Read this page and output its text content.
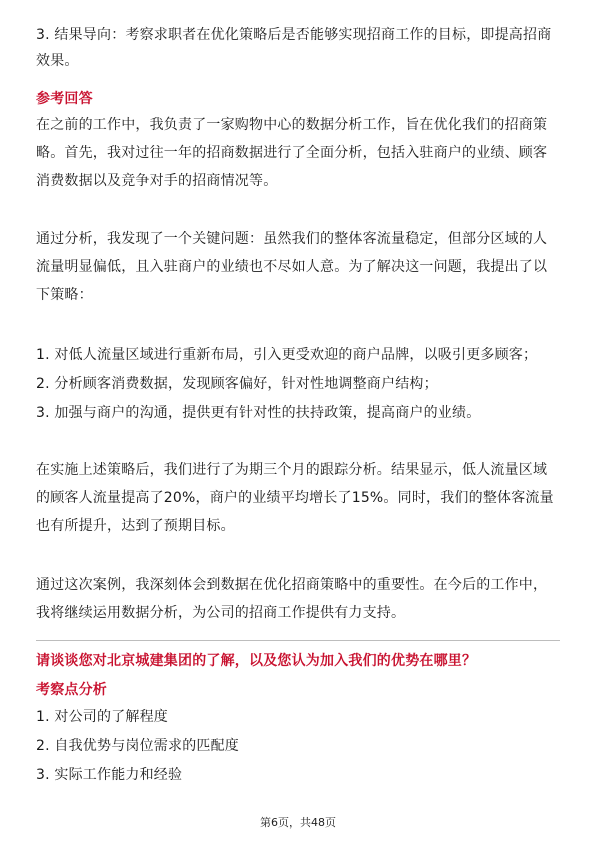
3. 结果导向：考察求职者在优化策略后是否能够实现招商工作的目标，即提高招商
效果。
参考回答
在之前的工作中，我负责了一家购物中心的数据分析工作，旨在优化我们的招商策
略。首先，我对过往一年的招商数据进行了全面分析，包括入驻商户的业绩、顾客
消费数据以及竞争对手的招商情况等。
通过分析，我发现了一个关键问题：虽然我们的整体客流量稳定，但部分区域的人
流量明显偏低，且入驻商户的业绩也不尽如人意。为了解决这一问题，我提出了以
下策略：
1. 对低人流量区域进行重新布局，引入更受欢迎的商户品牌，以吸引更多顾客；
2. 分析顾客消费数据，发现顾客偏好，针对性地调整商户结构；
3. 加强与商户的沟通，提供更有针对性的扶持政策，提高商户的业绩。
在实施上述策略后，我们进行了为期三个月的跟踪分析。结果显示，低人流量区域
的顾客人流量提高了20%，商户的业绩平均增长了15%。同时，我们的整体客流量
也有所提升，达到了预期目标。
通过这次案例，我深刻体会到数据在优化招商策略中的重要性。在今后的工作中，
我将继续运用数据分析，为公司的招商工作提供有力支持。
请谈谈您对北京城建集团的了解，以及您认为加入我们的优势在哪里？
考察点分析
1. 对公司的了解程度
2. 自我优势与岗位需求的匹配度
3. 实际工作能力和经验
第6页，共48页
